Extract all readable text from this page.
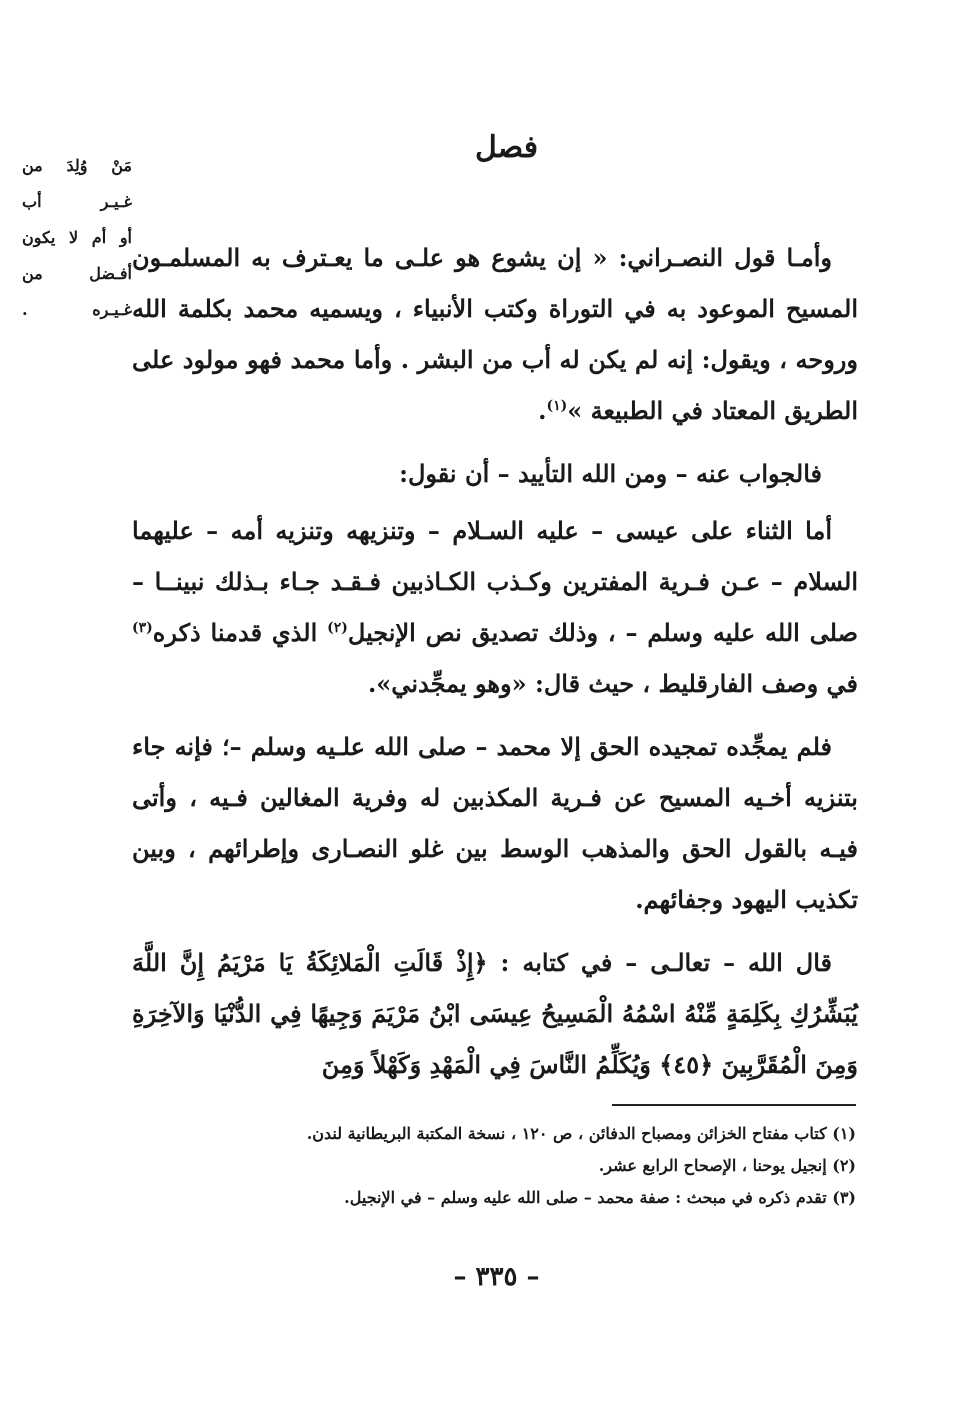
فصل
مَنْ وُلِدَ من
غـيـر أب
أو أم لا يكون
أفـضل من
غـيـره .

وأمـا قول النصـراني: « إن يشوع هو علـى ما يعـترف به المسلمـون المسيح الموعود به في التوراة وكتب الأنبياء ، ويسميه محمد بكلمة الله وروحه ، ويقول: إنه لم يكن له أب من البشر . وأما محمد فهو مولود على الطريق المعتاد في الطبيعة »$^{(١)}$.

فالجواب عنه – ومن الله التأييد – أن نقول:

أما الثناء على عيسى – عليه السـلام – وتنزيهه وتنزيه أمه – عليهما السلام – عـن فـرية المفترين وكـذب الكـاذبين فـقـد جـاء بـذلك نبينــا – صلى الله عليه وسلم – ، وذلك تصديق نص الإنجيل$^{(٢)}$ الذي قدمنا ذكره$^{(٣)}$ في وصف الفارقليط ، حيث قال: «وهو يمجِّدني».

فلم يمجِّده تمجيده الحق إلا محمد – صلى الله علـيه وسلم –؛ فإنه جاء بتنزيه أخـيه المسيح عن فـرية المكذبين له وفرية المغالين فـيه ، وأتى فيـه بالقول الحق والمذهب الوسط بين غلو النصـارى وإطرائهم ، وبين تكذيب اليهود وجفائهم.

قال الله – تعالـى – في كتابه : ﴿إِذْ قَالَتِ الْمَلائِكَةُ يَا مَرْيَمُ إِنَّ اللَّهَ يُبَشِّرُكِ بِكَلِمَةٍ مِّنْهُ اسْمُهُ الْمَسِيحُ عِيسَى ابْنُ مَرْيَمَ وَجِيهًا فِي الدُّنْيَا وَالآخِرَةِ وَمِنَ الْمُقَرَّبِينَ ﴿٤٥﴾ وَيُكَلِّمُ النَّاسَ فِي الْمَهْدِ وَكَهْلاً وَمِنَ

(١) كتاب مفتاح الخزائن ومصباح الدفائن ، ص ١٢٠ ، نسخة المكتبة البريطانية لندن.
(٢) إنجيل يوحنا ، الإصحاح الرابع عشر.
(٣) تقدم ذكره في مبحث : صفة محمد – صلى الله عليه وسلم – في الإنجيل.
– ٣٣٥ –
